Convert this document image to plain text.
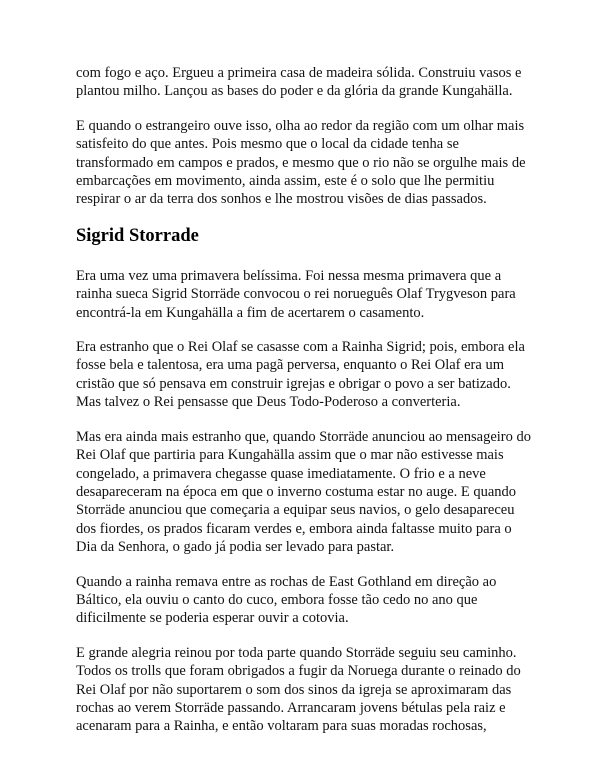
com fogo e aço. Ergueu a primeira casa de madeira sólida. Construiu vasos e plantou milho. Lançou as bases do poder e da glória da grande Kungahälla.

E quando o estrangeiro ouve isso, olha ao redor da região com um olhar mais satisfeito do que antes. Pois mesmo que o local da cidade tenha se transformado em campos e prados, e mesmo que o rio não se orgulhe mais de embarcações em movimento, ainda assim, este é o solo que lhe permitiu respirar o ar da terra dos sonhos e lhe mostrou visões de dias passados.

Sigrid Storrade

Era uma vez uma primavera belíssima. Foi nessa mesma primavera que a rainha sueca Sigrid Storräde convocou o rei norueguês Olaf Trygveson para encontrá-la em Kungahälla a fim de acertarem o casamento.

Era estranho que o Rei Olaf se casasse com a Rainha Sigrid; pois, embora ela fosse bela e talentosa, era uma pagã perversa, enquanto o Rei Olaf era um cristão que só pensava em construir igrejas e obrigar o povo a ser batizado. Mas talvez o Rei pensasse que Deus Todo-Poderoso a converteria.

Mas era ainda mais estranho que, quando Storräde anunciou ao mensageiro do Rei Olaf que partiria para Kungahälla assim que o mar não estivesse mais congelado, a primavera chegasse quase imediatamente. O frio e a neve desapareceram na época em que o inverno costuma estar no auge. E quando Storräde anunciou que começaria a equipar seus navios, o gelo desapareceu dos fiordes, os prados ficaram verdes e, embora ainda faltasse muito para o Dia da Senhora, o gado já podia ser levado para pastar.

Quando a rainha remava entre as rochas de East Gothland em direção ao Báltico, ela ouviu o canto do cuco, embora fosse tão cedo no ano que dificilmente se poderia esperar ouvir a cotovia.

E grande alegria reinou por toda parte quando Storräde seguiu seu caminho. Todos os trolls que foram obrigados a fugir da Noruega durante o reinado do Rei Olaf por não suportarem o som dos sinos da igreja se aproximaram das rochas ao verem Storräde passando. Arrancaram jovens bétulas pela raiz e acenaram para a Rainha, e então voltaram para suas moradas rochosas,
